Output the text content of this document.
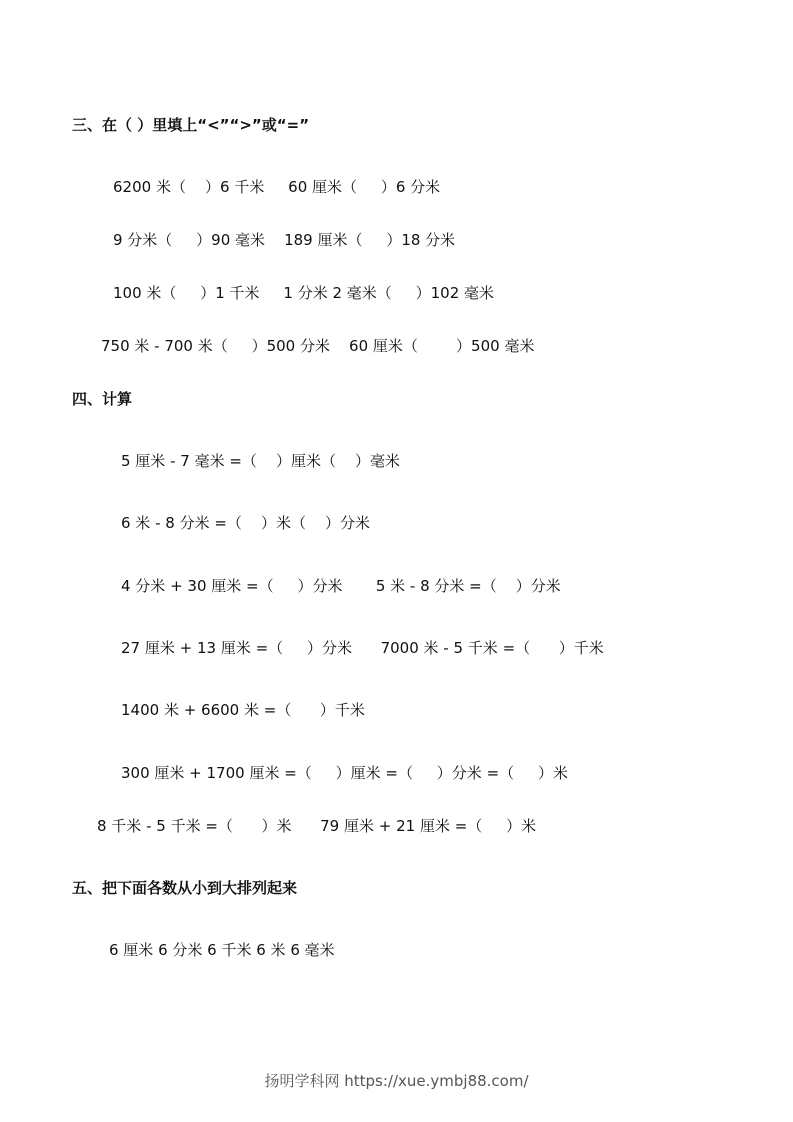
三、在（ ）里填上“<”“>”或“=”
6200 米（    ）6 千米     60 厘米（     ）6 分米
9 分米（     ）90 毫米    189 厘米（     ）18 分米
100 米（     ）1 千米     1 分米 2 毫米（     ）102 毫米
750 米 - 700 米（     ）500 分米    60 厘米（        ）500 毫米
四、计算
5 厘米 - 7 毫米 =（    ）厘米（    ）毫米
6 米 - 8 分米 =（    ）米（    ）分米
4 分米 + 30 厘米 =（     ）分米       5 米 - 8 分米 =（    ）分米
27 厘米 + 13 厘米 =（     ）分米      7000 米 - 5 千米 =（      ）千米
1400 米 + 6600 米 =（      ）千米
300 厘米 + 1700 厘米 =（     ）厘米 =（     ）分米 =（     ）米
8 千米 - 5 千米 =（      ）米      79 厘米 + 21 厘米 =（     ）米
五、把下面各数从小到大排列起来
6 厘米 6 分米 6 千米 6 米 6 毫米
扬明学科网 https://xue.ymbj88.com/
